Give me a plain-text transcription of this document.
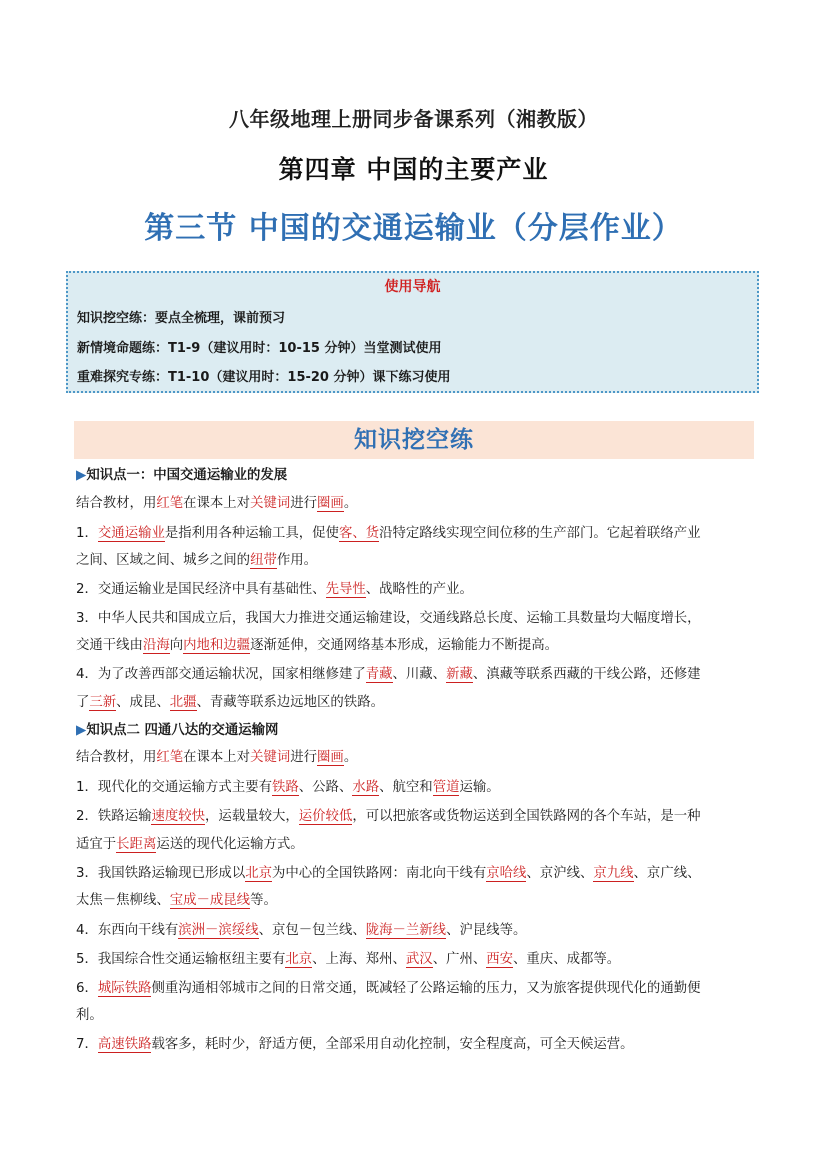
八年级地理上册同步备课系列（湘教版）
第四章 中国的主要产业
第三节 中国的交通运输业（分层作业）
使用导航
知识挖空练：要点全梳理，课前预习
新情境命题练：T1-9（建议用时：10-15 分钟）当堂测试使用
重难探究专练：T1-10（建议用时：15-20 分钟）课下练习使用
知识挖空练
▶知识点一：中国交通运输业的发展
结合教材，用红笔在课本上对关键词进行圈画。
1．交通运输业是指利用各种运输工具，促使客、货沿特定路线实现空间位移的生产部门。它起着联络产业
之间、区域之间、城乡之间的纽带作用。
2．交通运输业是国民经济中具有基础性、先导性、战略性的产业。
3．中华人民共和国成立后，我国大力推进交通运输建设，交通线路总长度、运输工具数量均大幅度增长，
交通干线由沿海向内地和边疆逐渐延伸，交通网络基本形成，运输能力不断提高。
4．为了改善西部交通运输状况，国家相继修建了青藏、川藏、新藏、滇藏等联系西藏的干线公路，还修建
了三新、成昆、北疆、青藏等联系边远地区的铁路。
▶知识点二 四通八达的交通运输网
结合教材，用红笔在课本上对关键词进行圈画。
1．现代化的交通运输方式主要有铁路、公路、水路、航空和管道运输。
2．铁路运输速度较快，运载量较大，运价较低，可以把旅客或货物运送到全国铁路网的各个车站，是一种
适宜于长距离运送的现代化运输方式。
3．我国铁路运输现已形成以北京为中心的全国铁路网：南北向干线有京哈线、京沪线、京九线、京广线、
太焦－焦柳线、宝成－成昆线等。
4．东西向干线有滨洲－滨绥线、京包－包兰线、陇海－兰新线、沪昆线等。
5．我国综合性交通运输枢纽主要有北京、上海、郑州、武汉、广州、西安、重庆、成都等。
6．城际铁路侧重沟通相邻城市之间的日常交通，既减轻了公路运输的压力，又为旅客提供现代化的通勤便
利。
7．高速铁路载客多，耗时少，舒适方便，全部采用自动化控制，安全程度高，可全天候运营。
